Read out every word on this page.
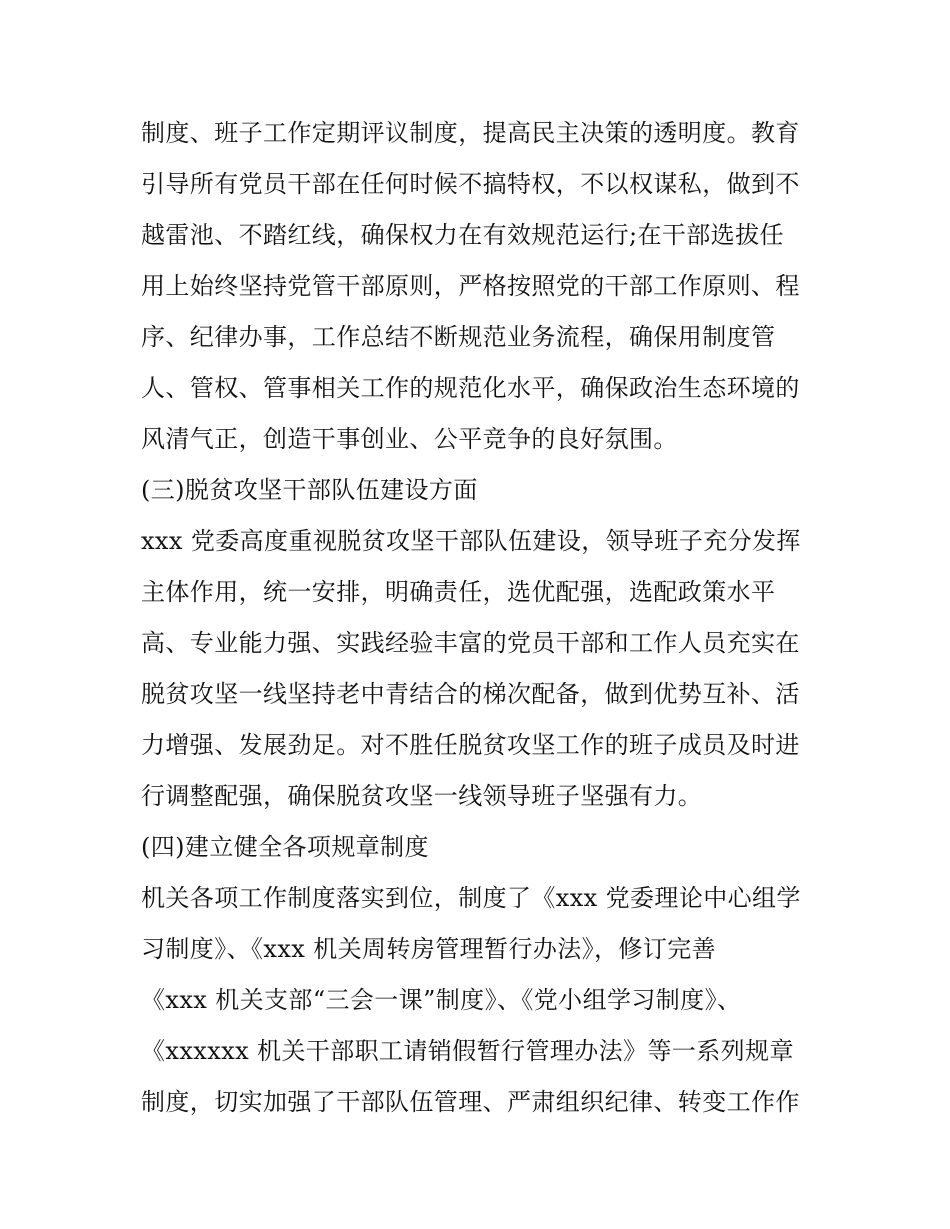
制度、班子工作定期评议制度，提高民主决策的透明度。教育
引导所有党员干部在任何时候不搞特权，不以权谋私，做到不
越雷池、不踏红线，确保权力在有效规范运行;在干部选拔任
用上始终坚持党管干部原则，严格按照党的干部工作原则、程
序、纪律办事，工作总结不断规范业务流程，确保用制度管
人、管权、管事相关工作的规范化水平，确保政治生态环境的
风清气正，创造干事创业、公平竞争的良好氛围。
(三)脱贫攻坚干部队伍建设方面
xxx 党委高度重视脱贫攻坚干部队伍建设，领导班子充分发挥
主体作用，统一安排，明确责任，选优配强，选配政策水平
高、专业能力强、实践经验丰富的党员干部和工作人员充实在
脱贫攻坚一线坚持老中青结合的梯次配备，做到优势互补、活
力增强、发展劲足。对不胜任脱贫攻坚工作的班子成员及时进
行调整配强，确保脱贫攻坚一线领导班子坚强有力。
(四)建立健全各项规章制度
机关各项工作制度落实到位，制度了《xxx 党委理论中心组学
习制度》、《xxx 机关周转房管理暂行办法》，修订完善
《xxx 机关支部“三会一课”制度》、《党小组学习制度》、
《xxxxxx 机关干部职工请销假暂行管理办法》等一系列规章
制度，切实加强了干部队伍管理、严肃组织纪律、转变工作作
